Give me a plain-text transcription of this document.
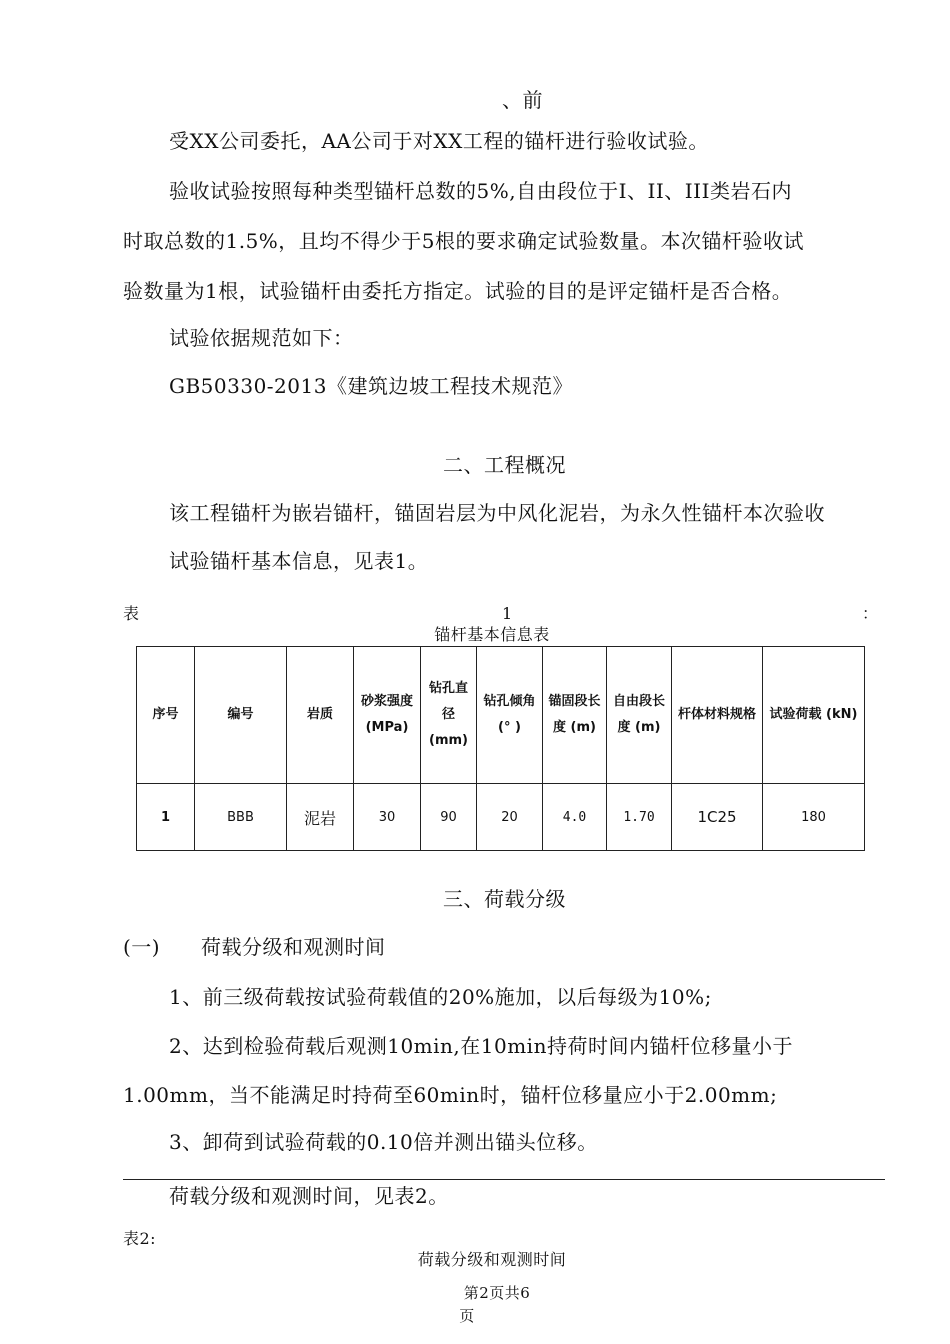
、前
受XX公司委托，AA公司于对XX工程的锚杆进行验收试验。
验收试验按照每种类型锚杆总数的5%,自由段位于I、II、III类岩石内
时取总数的1.5%，且均不得少于5根的要求确定试验数量。本次锚杆验收试
验数量为1根，试验锚杆由委托方指定。试验的目的是评定锚杆是否合格。
试验依据规范如下：
GB50330-2013《建筑边坡工程技术规范》
二、工程概况
该工程锚杆为嵌岩锚杆，锚固岩层为中风化泥岩，为永久性锚杆本次验收
试验锚杆基本信息，见表1。
表	1	：
锚杆基本信息表
序号	编号	岩质	砂浆强度 (MPa)	钻孔直径 (mm)	钻孔倾角(° )	锚固段长度 (m)	自由段长度 (m)	杆体材料规格	试验荷载 (kN)
1	BBB	泥岩	30	90	20	4.0	1.70	1C25	180
三、荷载分级
(一) 荷载分级和观测时间
1、前三级荷载按试验荷载值的20%施加，以后每级为10%;
2、达到检验荷载后观测10min,在10min持荷时间内锚杆位移量小于
1.00mm，当不能满足时持荷至60min时，锚杆位移量应小于2.00mm;
3、卸荷到试验荷载的0.10倍并测出锚头位移。
荷载分级和观测时间，见表2。
表2:
荷载分级和观测时间
第2页共6
页
